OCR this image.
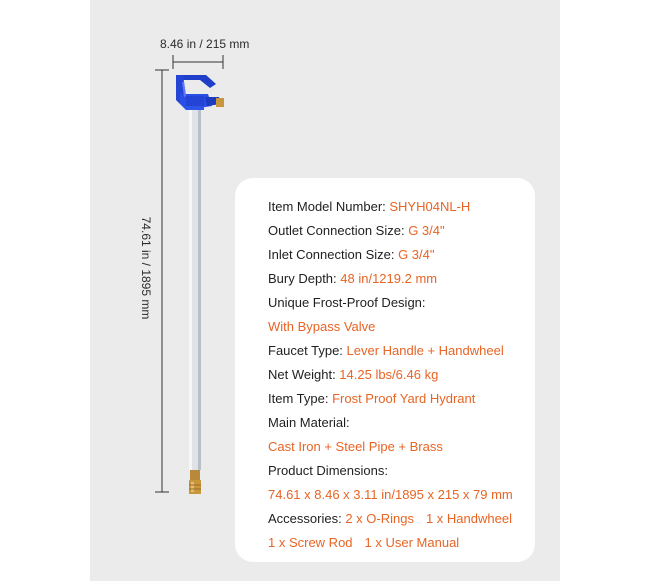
8.46 in / 215 mm
74.61 in / 1895 mm
Item Model Number: SHYH04NL-H
Outlet Connection Size: G 3/4"
Inlet Connection Size: G 3/4"
Bury Depth: 48 in/1219.2 mm
Unique Frost-Proof Design:
With Bypass Valve
Faucet Type: Lever Handle + Handwheel
Net Weight: 14.25 lbs/6.46 kg
Item Type: Frost Proof Yard Hydrant
Main Material:
Cast Iron + Steel Pipe + Brass
Product Dimensions:
74.61 x 8.46 x 3.11 in/1895 x 215 x 79 mm
Accessories: 2 x O-Rings 1 x Handwheel
1 x Screw Rod 1 x User Manual
